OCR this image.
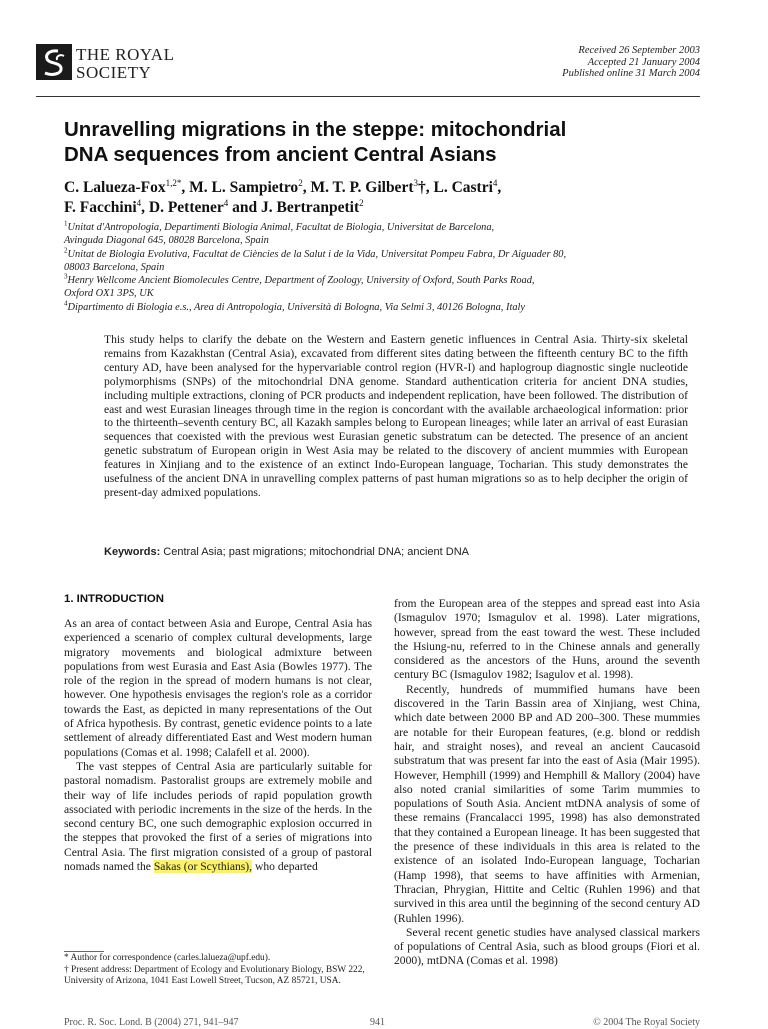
THE ROYAL
SOCIETY
Received 26 September 2003
Accepted 21 January 2004
Published online 31 March 2004
Unravelling migrations in the steppe: mitochondrial
DNA sequences from ancient Central Asians
C. Lalueza-Fox$^{1,2*}$, M. L. Sampietro$^2$, M. T. P. Gilbert$^3$†, L. Castri$^4$,
F. Facchini$^4$, D. Pettener$^4$ and J. Bertranpetit$^2$

$^1$Unitat d'Antropologia, Departimenti Biologia Animal, Facultat de Biologia, Universitat de Barcelona,
Avinguda Diagonal 645, 08028 Barcelona, Spain

$^2$Unitat de Biologia Evolutiva, Facultat de Ciències de la Salut i de la Vida, Universitat Pompeu Fabra, Dr Aiguader 80,
08003 Barcelona, Spain

$^3$Henry Wellcome Ancient Biomolecules Centre, Department of Zoology, University of Oxford, South Parks Road,
Oxford OX1 3PS, UK

$^4$Dipartimento di Biologia e.s., Area di Antropologia, Università di Bologna, Via Selmi 3, 40126 Bologna, Italy

This study helps to clarify the debate on the Western and Eastern genetic influences in Central Asia. Thirty-six skeletal remains from Kazakhstan (Central Asia), excavated from different sites dating between the fifteenth century BC to the fifth century AD, have been analysed for the hypervariable control region (HVR-I) and haplogroup diagnostic single nucleotide polymorphisms (SNPs) of the mitochondrial DNA genome. Standard authentication criteria for ancient DNA studies, including multiple extractions, cloning of PCR products and independent replication, have been followed. The distribution of east and west Eurasian lineages through time in the region is concordant with the available archaeological information: prior to the thirteenth–seventh century BC, all Kazakh samples belong to European lineages; while later an arrival of east Eurasian sequences that coexisted with the previous west Eurasian genetic substratum can be detected. The presence of an ancient genetic substratum of European origin in West Asia may be related to the discovery of ancient mummies with European features in Xinjiang and to the existence of an extinct Indo-European language, Tocharian. This study demonstrates the usefulness of the ancient DNA in unravelling complex patterns of past human migrations so as to help decipher the origin of present-day admixed populations.
Keywords: Central Asia; past migrations; mitochondrial DNA; ancient DNA

1. INTRODUCTION

As an area of contact between Asia and Europe, Central Asia has experienced a scenario of complex cultural developments, large migratory movements and biological admixture between populations from west Eurasia and East Asia (Bowles 1977). The role of the region in the spread of modern humans is not clear, however. One hypothesis envisages the region's role as a corridor towards the East, as depicted in many representations of the Out of Africa hypothesis. By contrast, genetic evidence points to a late settlement of already differentiated East and West modern human populations (Comas et al. 1998; Calafell et al. 2000).

The vast steppes of Central Asia are particularly suitable for pastoral nomadism. Pastoralist groups are extremely mobile and their way of life includes periods of rapid population growth associated with periodic increments in the size of the herds. In the second century BC, one such demographic explosion occurred in the steppes that provoked the first of a series of migrations into Central Asia. The first migration consisted of a group of pastoral nomads named the Sakas (or Scythians), who departed

from the European area of the steppes and spread east into Asia (Ismagulov 1970; Ismagulov et al. 1998). Later migrations, however, spread from the east toward the west. These included the Hsiung-nu, referred to in the Chinese annals and generally considered as the ancestors of the Huns, around the seventh century BC (Ismagulov 1982; Isagulov et al. 1998).

Recently, hundreds of mummified humans have been discovered in the Tarin Bassin area of Xinjiang, west China, which date between 2000 BP and AD 200–300. These mummies are notable for their European features, (e.g. blond or reddish hair, and straight noses), and reveal an ancient Caucasoid substratum that was present far into the east of Asia (Mair 1995). However, Hemphill (1999) and Hemphill & Mallory (2004) have also noted cranial similarities of some Tarim mummies to populations of South Asia. Ancient mtDNA analysis of some of these remains (Francalacci 1995, 1998) has also demonstrated that they contained a European lineage. It has been suggested that the presence of these individuals in this area is related to the existence of an isolated Indo-European language, Tocharian (Hamp 1998), that seems to have affinities with Armenian, Thracian, Phrygian, Hittite and Celtic (Ruhlen 1996) and that survived in this area until the beginning of the second century AD (Ruhlen 1996).

Several recent genetic studies have analysed classical markers of populations of Central Asia, such as blood groups (Fiori et al. 2000), mtDNA (Comas et al. 1998)

* Author for correspondence (carles.lalueza@upf.edu).

† Present address: Department of Ecology and Evolutionary Biology, BSW 222, University of Arizona, 1041 East Lowell Street, Tucson, AZ 85721, USA.

Proc. R. Soc. Lond. B (2004) 271, 941–947	941	© 2004 The Royal Society
